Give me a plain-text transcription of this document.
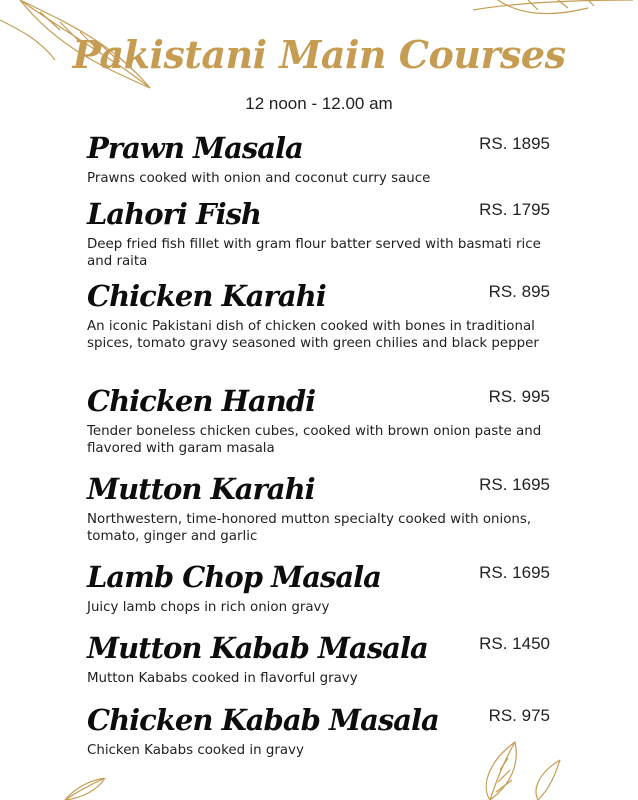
Pakistani Main Courses
12 noon - 12.00 am
Prawn Masala	RS. 1895
Prawns cooked with onion and coconut curry sauce
Lahori Fish	RS. 1795
Deep fried fish fillet with gram flour batter served with basmati rice and raita
Chicken Karahi	RS. 895
An iconic Pakistani dish of chicken cooked with bones in traditional spices, tomato gravy seasoned with green chilies and black pepper
Chicken Handi	RS. 995
Tender boneless chicken cubes, cooked with brown onion paste and flavored with garam masala
Mutton Karahi	RS. 1695
Northwestern, time-honored mutton specialty cooked with onions, tomato, ginger and garlic
Lamb Chop Masala	RS. 1695
Juicy lamb chops in rich onion gravy
Mutton Kabab Masala	RS. 1450
Mutton Kababs cooked in flavorful gravy
Chicken Kabab Masala	RS. 975
Chicken Kababs cooked in gravy
